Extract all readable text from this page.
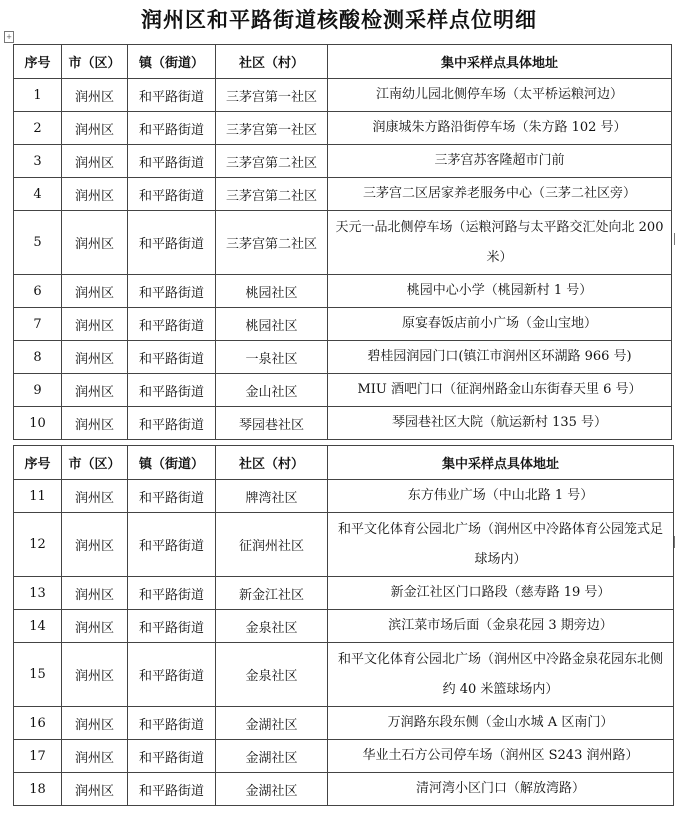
润州区和平路街道核酸检测采样点位明细
+
序号	市（区）	镇（街道）	社区（村）	集中采样点具体地址
1	润州区	和平路街道	三茅宫第一社区	江南幼儿园北侧停车场（太平桥运粮河边）
2	润州区	和平路街道	三茅宫第一社区	润康城朱方路沿街停车场（朱方路 102 号）
3	润州区	和平路街道	三茅宫第二社区	三茅宫苏客隆超市门前
4	润州区	和平路街道	三茅宫第二社区	三茅宫二区居家养老服务中心（三茅二社区旁）
5	润州区	和平路街道	三茅宫第二社区	天元一品北侧停车场（运粮河路与太平路交汇处向北 200 米）
6	润州区	和平路街道	桃园社区	桃园中心小学（桃园新村 1 号）
7	润州区	和平路街道	桃园社区	原宴春饭店前小广场（金山宝地）
8	润州区	和平路街道	一泉社区	碧桂园润园门口(镇江市润州区环湖路 966 号)
9	润州区	和平路街道	金山社区	MIU 酒吧门口（征润州路金山东街春天里 6 号）
10	润州区	和平路街道	琴园巷社区	琴园巷社区大院（航运新村 135 号）
序号	市（区）	镇（街道）	社区（村）	集中采样点具体地址
11	润州区	和平路街道	牌湾社区	东方伟业广场（中山北路 1 号）
12	润州区	和平路街道	征润州社区	和平文化体育公园北广场（润州区中冷路体育公园笼式足球场内）
13	润州区	和平路街道	新金江社区	新金江社区门口路段（慈寿路 19 号）
14	润州区	和平路街道	金泉社区	滨江菜市场后面（金泉花园 3 期旁边）
15	润州区	和平路街道	金泉社区	和平文化体育公园北广场（润州区中冷路金泉花园东北侧约 40 米篮球场内）
16	润州区	和平路街道	金湖社区	万润路东段东侧（金山水城 A 区南门）
17	润州区	和平路街道	金湖社区	华业土石方公司停车场（润州区 S243 润州路）
18	润州区	和平路街道	金湖社区	清河湾小区门口（解放湾路）
